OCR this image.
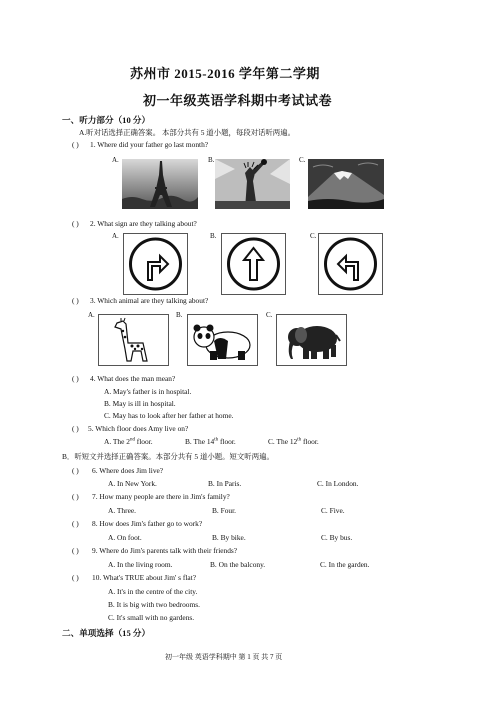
苏州市 2015-2016 学年第二学期
初一年级英语学科期中考试试卷
一、听力部分（10 分）
A.听对话选择正确答案。 本部分共有 5 道小题，每段对话听两遍。
( ) 1. Where did your father go last month?
A.	B.	C.
( ) 2. What sign are they talking about?
A.	B.	C.
( ) 3. Which animal are they talking about?
A.	B.	C.
( ) 4. What does the man mean?
A. May's father is in hospital.
B. May is ill in hospital.
C. May has to look after her father at home.
( ) 5. Which floor does Amy live on?
A. The 2nd floor.	B. The 14th floor.	C. The 12th floor.
B．听短文并选择正确答案。本部分共有 5 道小题。短文听两遍。
( ) 6. Where does Jim live?
A. In New York.	B. In Paris.	C. In London.
( ) 7. How many people are there in Jim's family?
A. Three.	B. Four.	C. Five.
( ) 8. How does Jim's father go to work?
A. On foot.	B. By bike.	C. By bus.
( ) 9. Where do Jim's parents talk with their friends?
A. In the living room.	B. On the balcony.	C. In the garden.
( ) 10. What's TRUE about Jim' s flat?
A. It's in the centre of the city.
B. It is big with two bedrooms.
C. It's small with no gardens.
二、单项选择（15 分）
初一年级 英语学科期中 第 1 页 共 7 页
